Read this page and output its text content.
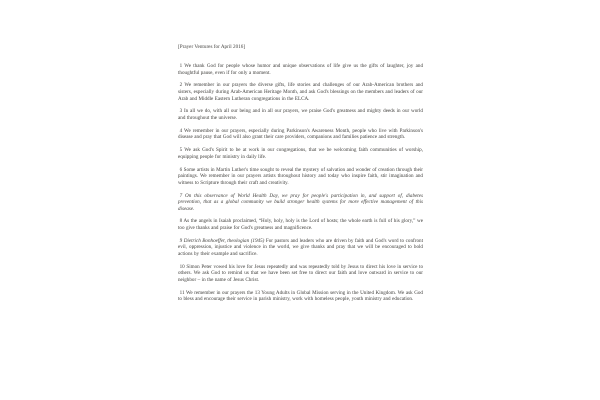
[Prayer Ventures for April 2016]

1 We thank God for people whose humor and unique observations of life give us the gifts of laughter, joy and thoughtful pause, even if for only a moment.

2 We remember in our prayers the diverse gifts, life stories and challenges of our Arab-American brothers and sisters, especially during Arab-American Heritage Month, and ask God's blessings on the members and leaders of our Arab and Middle Eastern Lutheran congregations in the ELCA.

3 In all we do, with all our being and in all our prayers, we praise God's greatness and mighty deeds in our world and throughout the universe.

4 We remember in our prayers, especially during Parkinson's Awareness Month, people who live with Parkinson's disease and pray that God will also grant their care providers, companions and families patience and strength.

5 We ask God's Spirit to be at work in our congregations, that we be welcoming faith communities of worship, equipping people for ministry in daily life.

6 Some artists in Martin Luther's time sought to reveal the mystery of salvation and wonder of creation through their paintings. We remember in our prayers artists throughout history and today who inspire faith, stir imagination and witness to Scripture through their craft and creativity.

7 On this observance of World Health Day, we pray for people's participation in, and support of, diabetes prevention, that as a global community we build stronger health systems for more effective management of this disease.

8 As the angels in Isaiah proclaimed, “Holy, holy, holy is the Lord of hosts; the whole earth is full of his glory,” we too give thanks and praise for God's greatness and magnificence.

9 Dietrich Bonhoeffer, theologian (1945) For pastors and leaders who are driven by faith and God's word to confront evil, oppression, injustice and violence in the world, we give thanks and pray that we will be encouraged to bold actions by their example and sacrifice.

10 Simon Peter vowed his love for Jesus repeatedly and was repeatedly told by Jesus to direct his love in service to others. We ask God to remind us that we have been set free to direct our faith and love outward in service to our neighbor – in the name of Jesus Christ.

11 We remember in our prayers the 13 Young Adults in Global Mission serving in the United Kingdom. We ask God to bless and encourage their service in parish ministry, work with homeless people, youth ministry and education.
